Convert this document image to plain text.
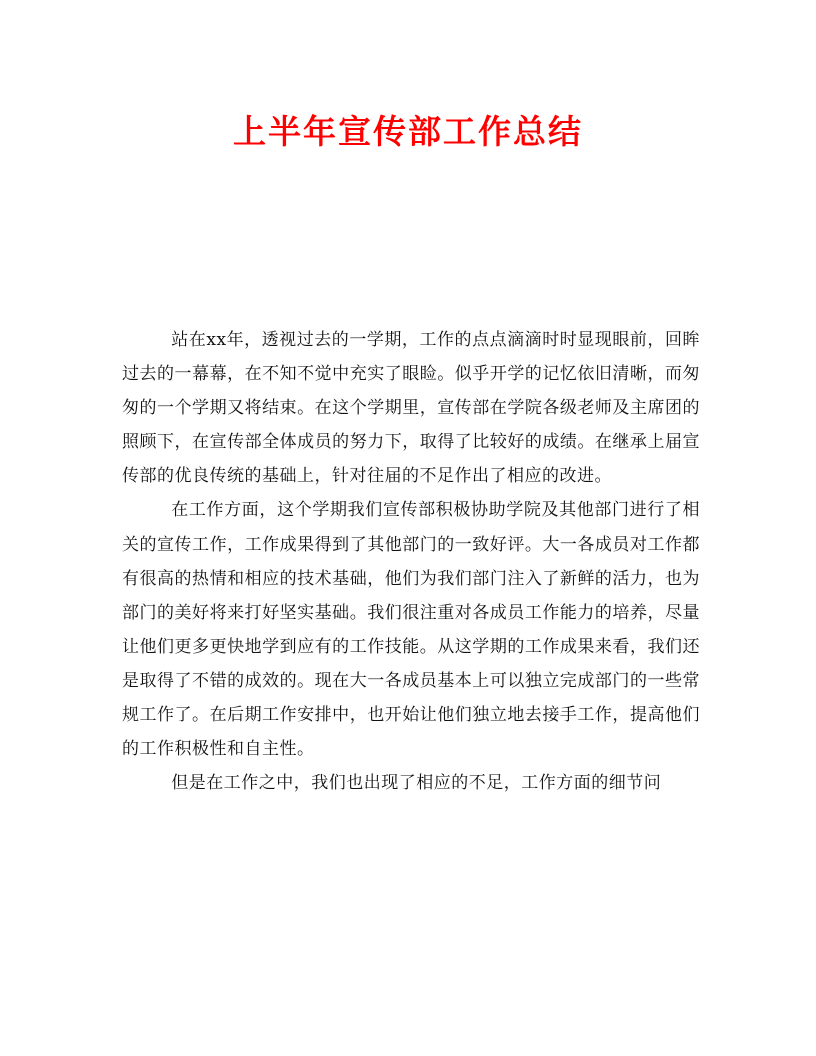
上半年宣传部工作总结

站在xx年，透视过去的一学期，工作的点点滴滴时时显现眼前，回眸过去的一幕幕，在不知不觉中充实了眼睑。似乎开学的记忆依旧清晰，而匆匆的一个学期又将结束。在这个学期里，宣传部在学院各级老师及主席团的照顾下，在宣传部全体成员的努力下，取得了比较好的成绩。在继承上届宣传部的优良传统的基础上，针对往届的不足作出了相应的改进。

在工作方面，这个学期我们宣传部积极协助学院及其他部门进行了相关的宣传工作，工作成果得到了其他部门的一致好评。大一各成员对工作都有很高的热情和相应的技术基础，他们为我们部门注入了新鲜的活力，也为部门的美好将来打好坚实基础。我们很注重对各成员工作能力的培养，尽量让他们更多更快地学到应有的工作技能。从这学期的工作成果来看，我们还是取得了不错的成效的。现在大一各成员基本上可以独立完成部门的一些常规工作了。在后期工作安排中，也开始让他们独立地去接手工作，提高他们的工作积极性和自主性。

但是在工作之中，我们也出现了相应的不足，工作方面的细节问
